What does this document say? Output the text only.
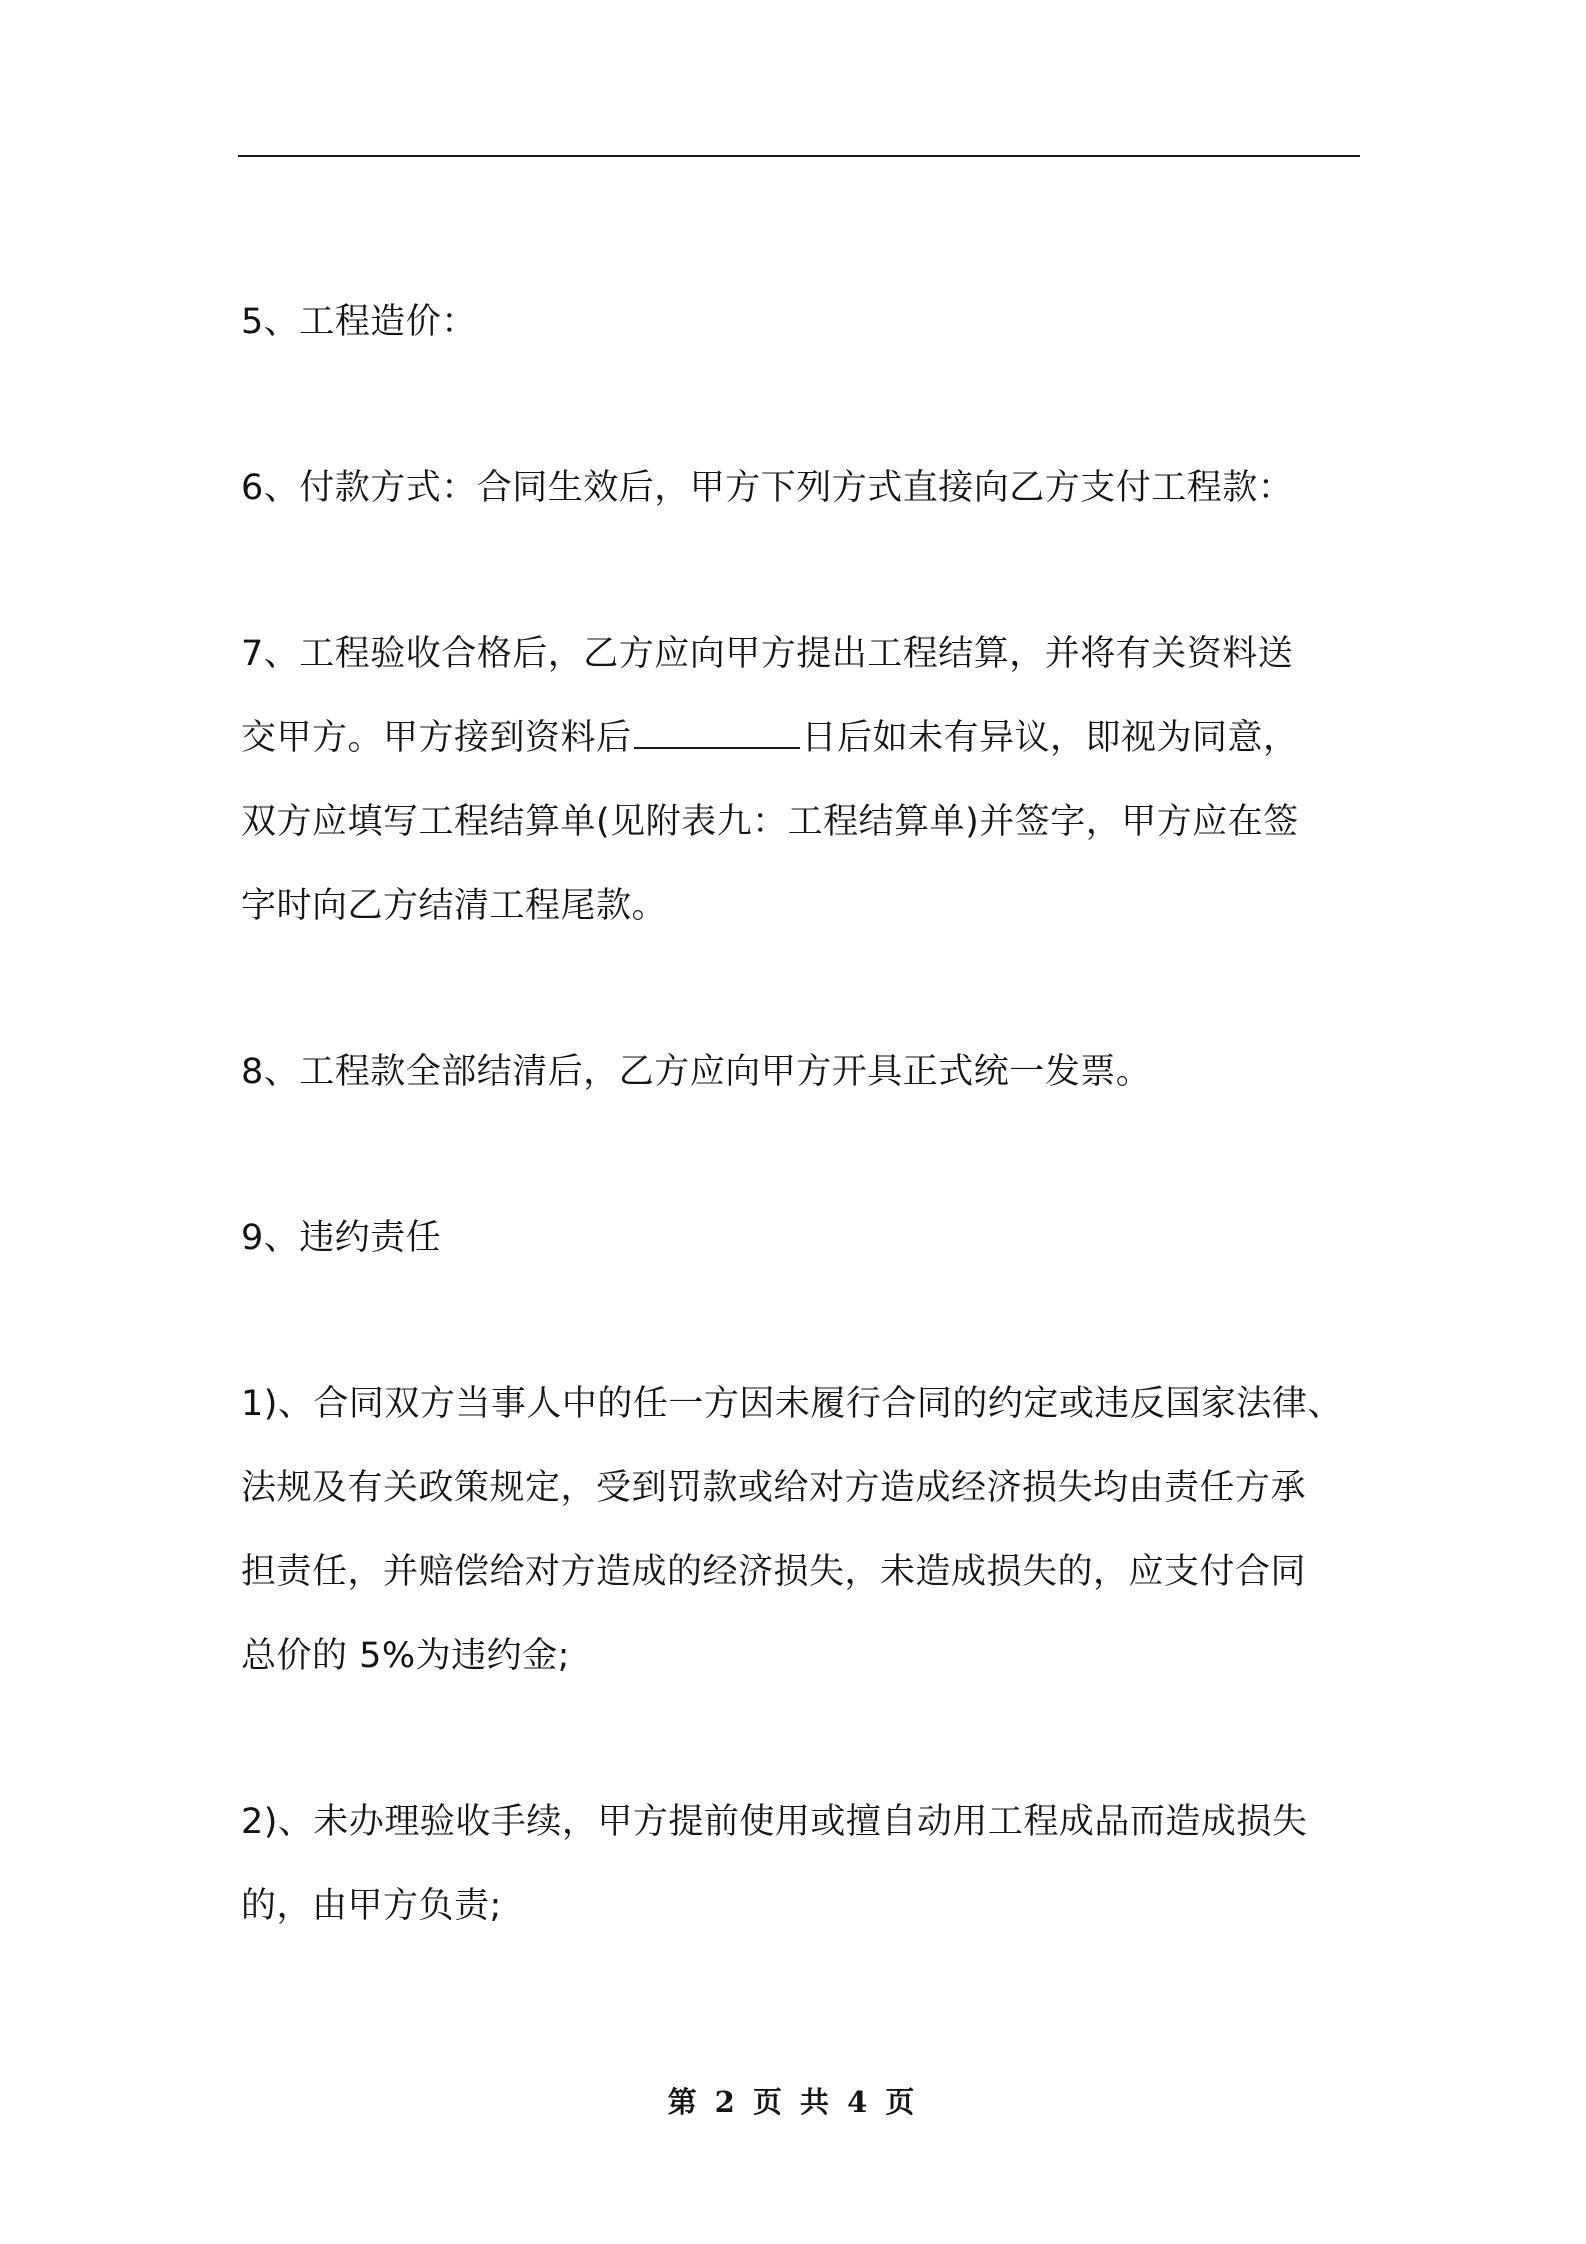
5、工程造价：

6、付款方式：合同生效后，甲方下列方式直接向乙方支付工程款：

7、工程验收合格后，乙方应向甲方提出工程结算，并将有关资料送

交甲方。甲方接到资料后	日后如未有异议，即视为同意，

双方应填写工程结算单(见附表九：工程结算单)并签字，甲方应在签

字时向乙方结清工程尾款。

8、工程款全部结清后，乙方应向甲方开具正式统一发票。

9、违约责任

1)、合同双方当事人中的任一方因未履行合同的约定或违反国家法律、

法规及有关政策规定，受到罚款或给对方造成经济损失均由责任方承

担责任，并赔偿给对方造成的经济损失，未造成损失的，应支付合同

总价的 5%为违约金;

2)、未办理验收手续，甲方提前使用或擅自动用工程成品而造成损失

的，由甲方负责;

第 2 页 共 4 页
